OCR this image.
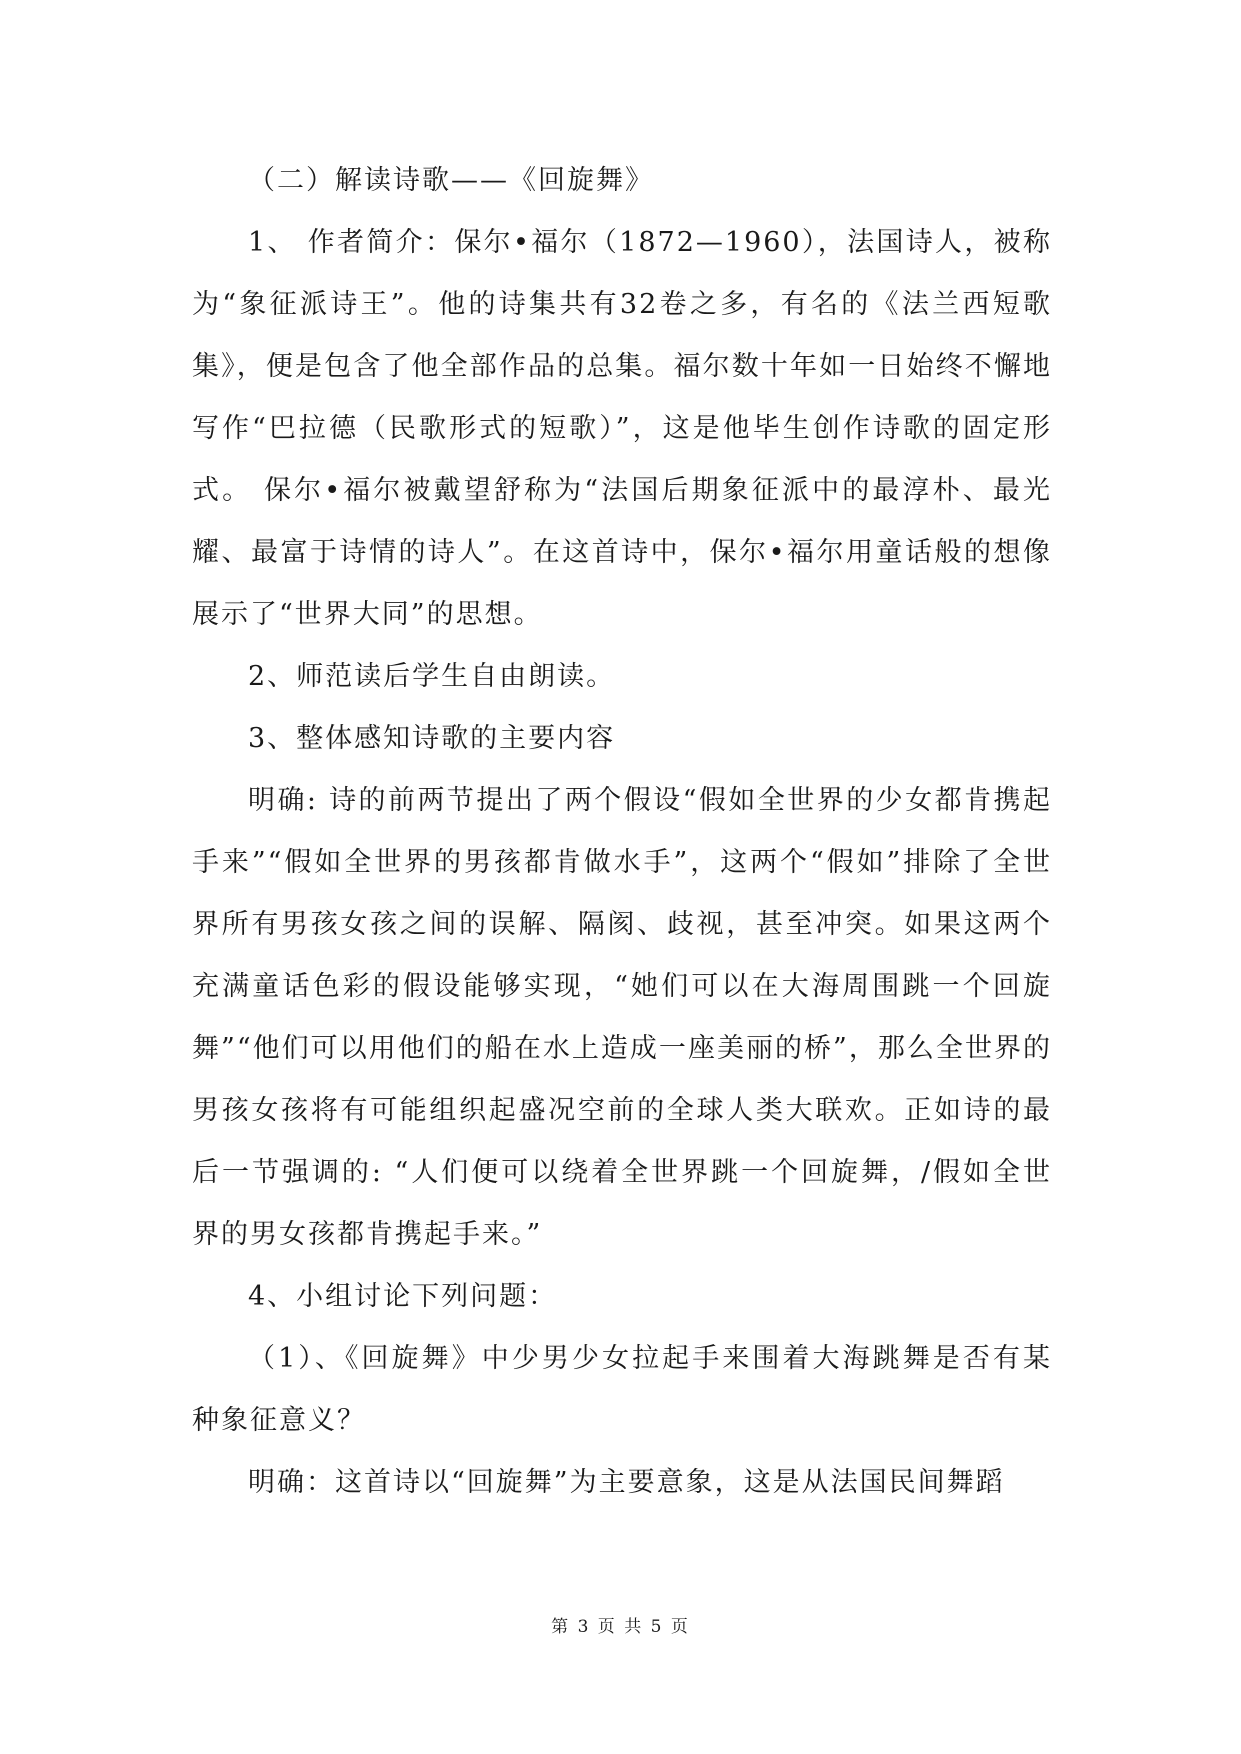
（二）解读诗歌——《回旋舞》

1、 作者简介：保尔•福尔（1872—1960），法国诗人，被称为“象征派诗王”。他的诗集共有32卷之多，有名的《法兰西短歌集》，便是包含了他全部作品的总集。福尔数十年如一日始终不懈地写作“巴拉德（民歌形式的短歌）”，这是他毕生创作诗歌的固定形式。 保尔•福尔被戴望舒称为“法国后期象征派中的最淳朴、最光耀、最富于诗情的诗人”。在这首诗中，保尔•福尔用童话般的想像展示了“世界大同”的思想。

2、师范读后学生自由朗读。

3、整体感知诗歌的主要内容

明确: 诗的前两节提出了两个假设“假如全世界的少女都肯携起手来”“假如全世界的男孩都肯做水手”，这两个“假如”排除了全世界所有男孩女孩之间的误解、隔阂、歧视，甚至冲突。如果这两个充满童话色彩的假设能够实现，“她们可以在大海周围跳一个回旋舞”“他们可以用他们的船在水上造成一座美丽的桥”，那么全世界的男孩女孩将有可能组织起盛况空前的全球人类大联欢。正如诗的最后一节强调的: “人们便可以绕着全世界跳一个回旋舞，/假如全世界的男女孩都肯携起手来。”

4、小组讨论下列问题：

（1）、《回旋舞》中少男少女拉起手来围着大海跳舞是否有某种象征意义？

明确：这首诗以“回旋舞”为主要意象，这是从法国民间舞蹈

第 3 页 共 5 页
